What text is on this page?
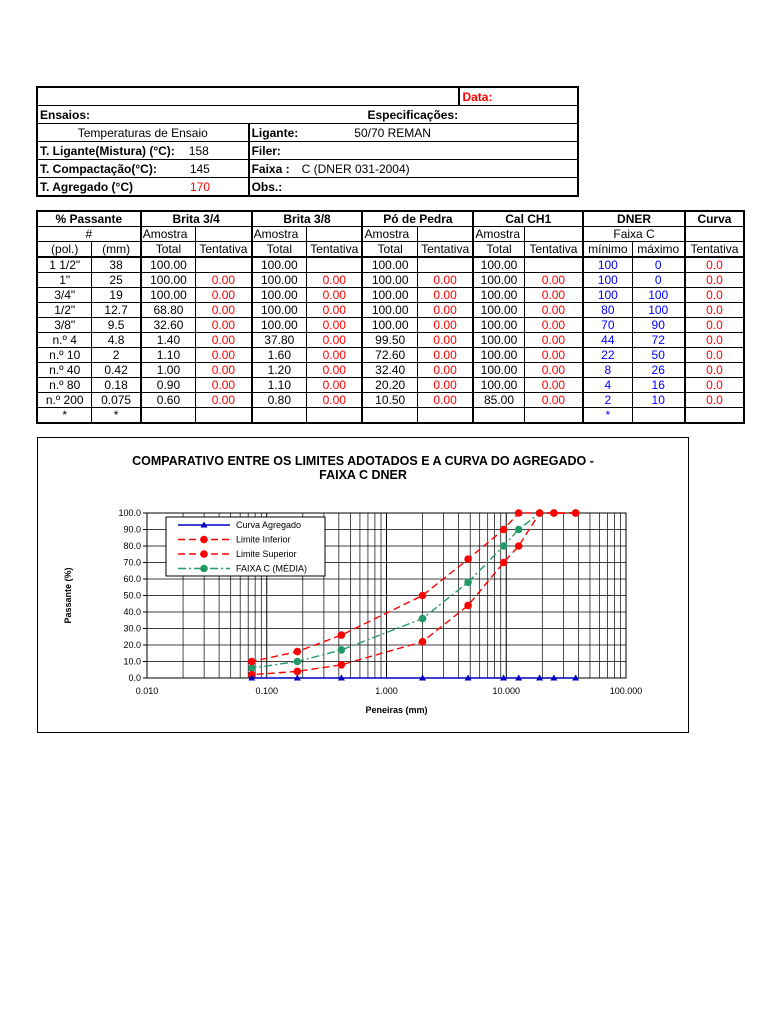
		Data:
Ensaios:	Especificações:	
Temperaturas de Ensaio	Ligante: 50/70 REMAN	
T. Ligante(Mistura) (°C): 158	Filer:	
T. Compactação(°C): 145	Faixa : C (DNER 031-2004)	
T. Agregado (°C) 170	Obs.:	
% Passante		Brita 3/4		Brita 3/8		Pó de Pedra		Cal CH1		DNER		Curva
#		Amostra		Amostra		Amostra		Amostra		Faixa C		
(pol.)	(mm)	Total	Tentativa	Total	Tentativa	Total	Tentativa	Total	Tentativa	mínimo	máximo	Tentativa
1 1/2"	38	100.00		100.00		100.00		100.00		100	0	0.0
1"	25	100.00	0.00	100.00	0.00	100.00	0.00	100.00	0.00	100	0	0.0
3/4"	19	100.00	0.00	100.00	0.00	100.00	0.00	100.00	0.00	100	100	0.0
1/2"	12.7	68.80	0.00	100.00	0.00	100.00	0.00	100.00	0.00	80	100	0.0
3/8"	9.5	32.60	0.00	100.00	0.00	100.00	0.00	100.00	0.00	70	90	0.0
n.º 4	4.8	1.40	0.00	37.80	0.00	99.50	0.00	100.00	0.00	44	72	0.0
n.º 10	2	1.10	0.00	1.60	0.00	72.60	0.00	100.00	0.00	22	50	0.0
n.º 40	0.42	1.00	0.00	1.20	0.00	32.40	0.00	100.00	0.00	8	26	0.0
n.º 80	0.18	0.90	0.00	1.10	0.00	20.20	0.00	100.00	0.00	4	16	0.0
n.º 200	0.075	0.60	0.00	0.80	0.00	10.50	0.00	85.00	0.00	2	10	0.0
*	*									*		
COMPARATIVO ENTRE OS LIMITES ADOTADOS E A CURVA DO AGREGADO -
FAIXA C DNER
0.0
10.0
20.0
30.0
40.0
50.0
60.0
70.0
80.0
90.0
100.0
0.010	0.100	1.000	10.000	100.000
Peneiras (mm)
Passante (%)
Curva Agregado
Limite Inferior
Limite Superior
FAIXA C (MÉDIA)
